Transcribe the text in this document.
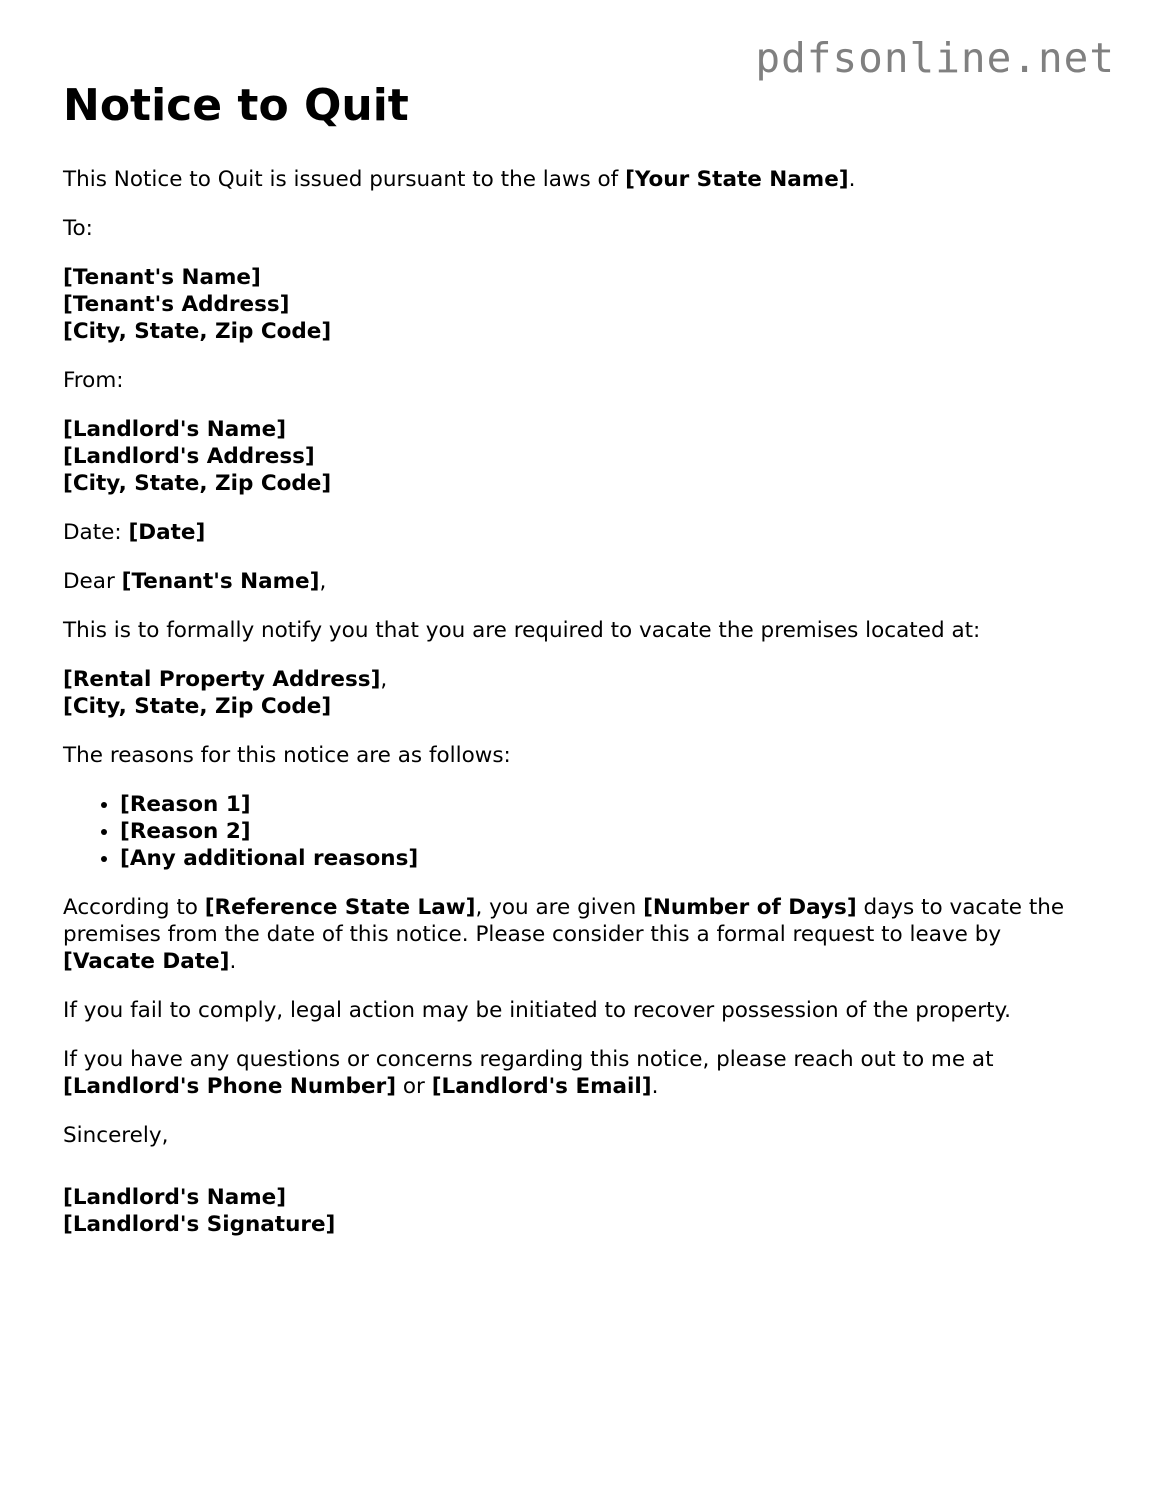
pdfsonline.net
Notice to Quit

This Notice to Quit is issued pursuant to the laws of [Your State Name].

To:

[Tenant's Name]
[Tenant's Address]
[City, State, Zip Code]

From:

[Landlord's Name]
[Landlord's Address]
[City, State, Zip Code]

Date: [Date]

Dear [Tenant's Name],

This is to formally notify you that you are required to vacate the premises located at:

[Rental Property Address],
[City, State, Zip Code]

The reasons for this notice are as follows:

• [Reason 1]
• [Reason 2]
• [Any additional reasons]

According to [Reference State Law], you are given [Number of Days] days to vacate the premises from the date of this notice. Please consider this a formal request to leave by [Vacate Date].

If you fail to comply, legal action may be initiated to recover possession of the property.

If you have any questions or concerns regarding this notice, please reach out to me at [Landlord's Phone Number] or [Landlord's Email].

Sincerely,

[Landlord's Name]
[Landlord's Signature]
